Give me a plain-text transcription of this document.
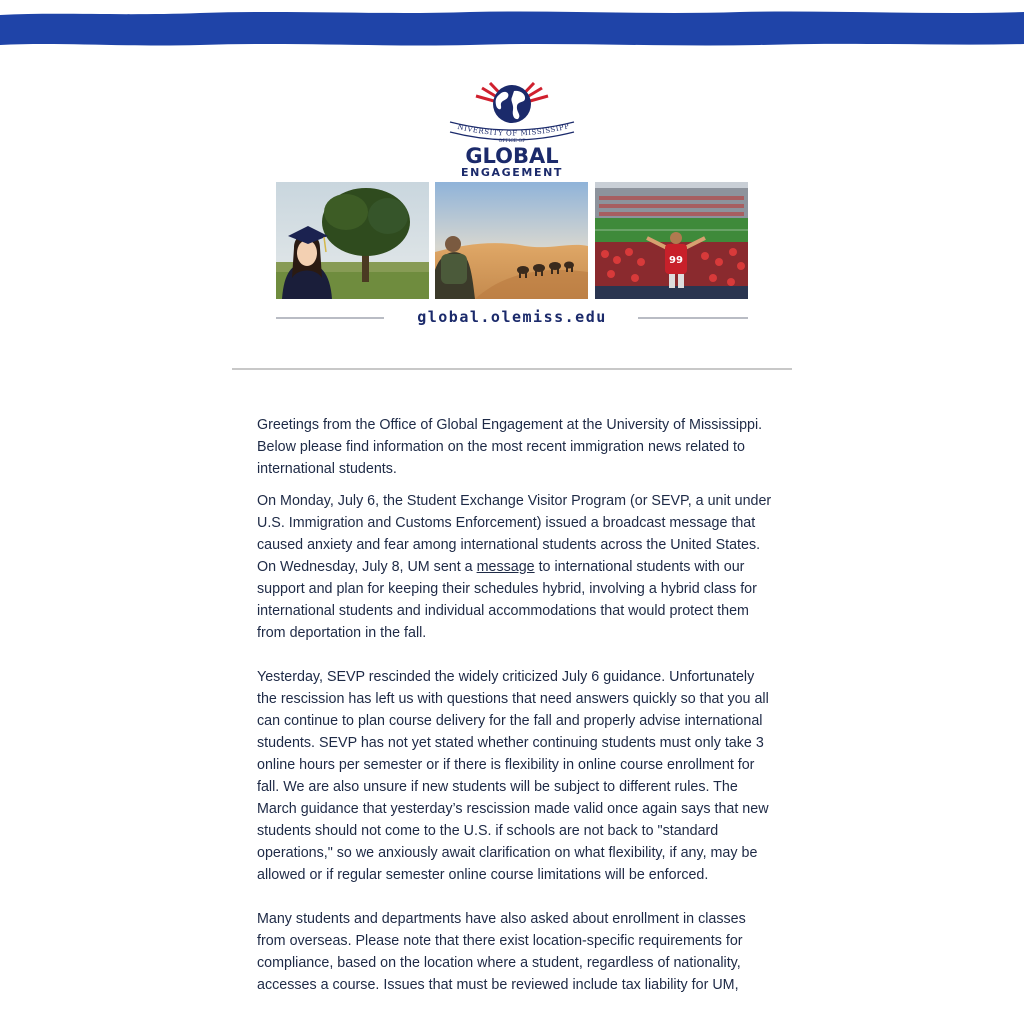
NIVERSITY OF MISSISSIPP
OFFICE OF
GLOBAL
ENGAGEMENT
99
global.olemiss.edu

Greetings from the Office of Global Engagement at the University of Mississippi. Below please find information on the most recent immigration news related to international students.

On Monday, July 6, the Student Exchange Visitor Program (or SEVP, a unit under U.S. Immigration and Customs Enforcement) issued a broadcast message that caused anxiety and fear among international students across the United States. On Wednesday, July 8, UM sent a message to international students with our support and plan for keeping their schedules hybrid, involving a hybrid class for international students and individual accommodations that would protect them from deportation in the fall.

Yesterday, SEVP rescinded the widely criticized July 6 guidance. Unfortunately the rescission has left us with questions that need answers quickly so that you all can continue to plan course delivery for the fall and properly advise international students. SEVP has not yet stated whether continuing students must only take 3 online hours per semester or if there is flexibility in online course enrollment for fall. We are also unsure if new students will be subject to different rules. The March guidance that yesterday’s rescission made valid once again says that new students should not come to the U.S. if schools are not back to "standard operations," so we anxiously await clarification on what flexibility, if any, may be allowed or if regular semester online course limitations will be enforced.

Many students and departments have also asked about enrollment in classes from overseas. Please note that there exist location-specific requirements for compliance, based on the location where a student, regardless of nationality, accesses a course. Issues that must be reviewed include tax liability for UM,
